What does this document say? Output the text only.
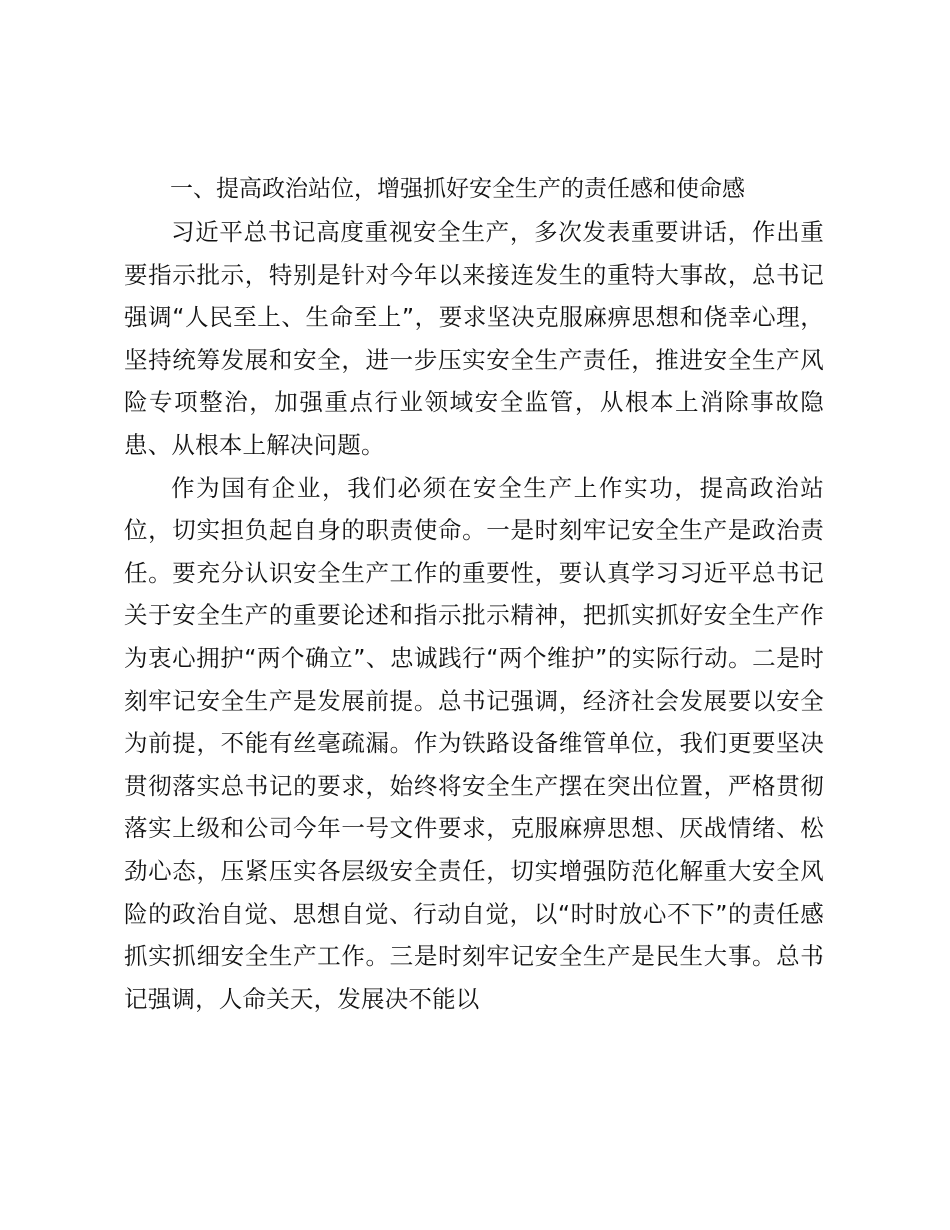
一、提高政治站位，增强抓好安全生产的责任感和使命感

习近平总书记高度重视安全生产，多次发表重要讲话，作出重要指示批示，特别是针对今年以来接连发生的重特大事故，总书记强调“人民至上、生命至上”，要求坚决克服麻痹思想和侥幸心理，坚持统筹发展和安全，进一步压实安全生产责任，推进安全生产风险专项整治，加强重点行业领域安全监管，从根本上消除事故隐患、从根本上解决问题。

作为国有企业，我们必须在安全生产上作实功，提高政治站位，切实担负起自身的职责使命。一是时刻牢记安全生产是政治责任。要充分认识安全生产工作的重要性，要认真学习习近平总书记关于安全生产的重要论述和指示批示精神，把抓实抓好安全生产作为衷心拥护“两个确立”、忠诚践行“两个维护”的实际行动。二是时刻牢记安全生产是发展前提。总书记强调，经济社会发展要以安全为前提，不能有丝毫疏漏。作为铁路设备维管单位，我们更要坚决贯彻落实总书记的要求，始终将安全生产摆在突出位置，严格贯彻落实上级和公司今年一号文件要求，克服麻痹思想、厌战情绪、松劲心态，压紧压实各层级安全责任，切实增强防范化解重大安全风险的政治自觉、思想自觉、行动自觉，以“时时放心不下”的责任感抓实抓细安全生产工作。三是时刻牢记安全生产是民生大事。总书记强调，人命关天，发展决不能以
